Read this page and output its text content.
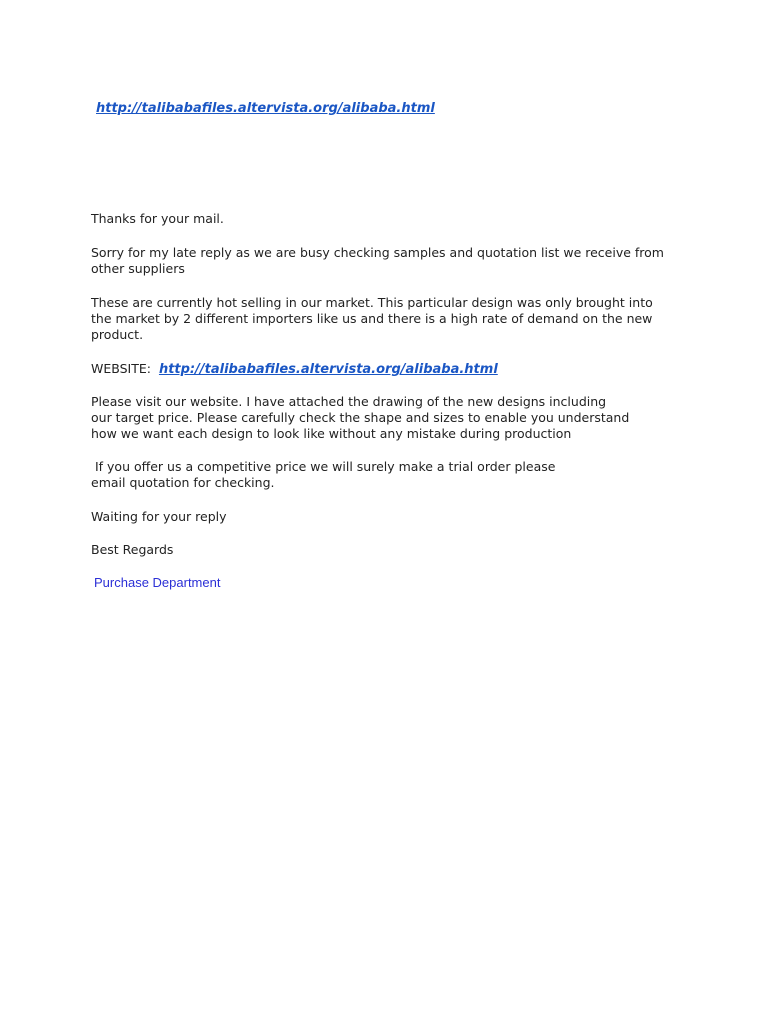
http://talibabafiles.altervista.org/alibaba.html
Thanks for your mail.
Sorry for my late reply as we are busy checking samples and quotation list we receive from
other suppliers
These are currently hot selling in our market. This particular design was only brought into
the market by 2 different importers like us and there is a high rate of demand on the new
product.
WEBSITE: http://talibabafiles.altervista.org/alibaba.html
Please visit our website. I have attached the drawing of the new designs including
our target price. Please carefully check the shape and sizes to enable you understand
how we want each design to look like without any mistake during production
If you offer us a competitive price we will surely make a trial order please
email quotation for checking.
Waiting for your reply
Best Regards
Purchase Department
